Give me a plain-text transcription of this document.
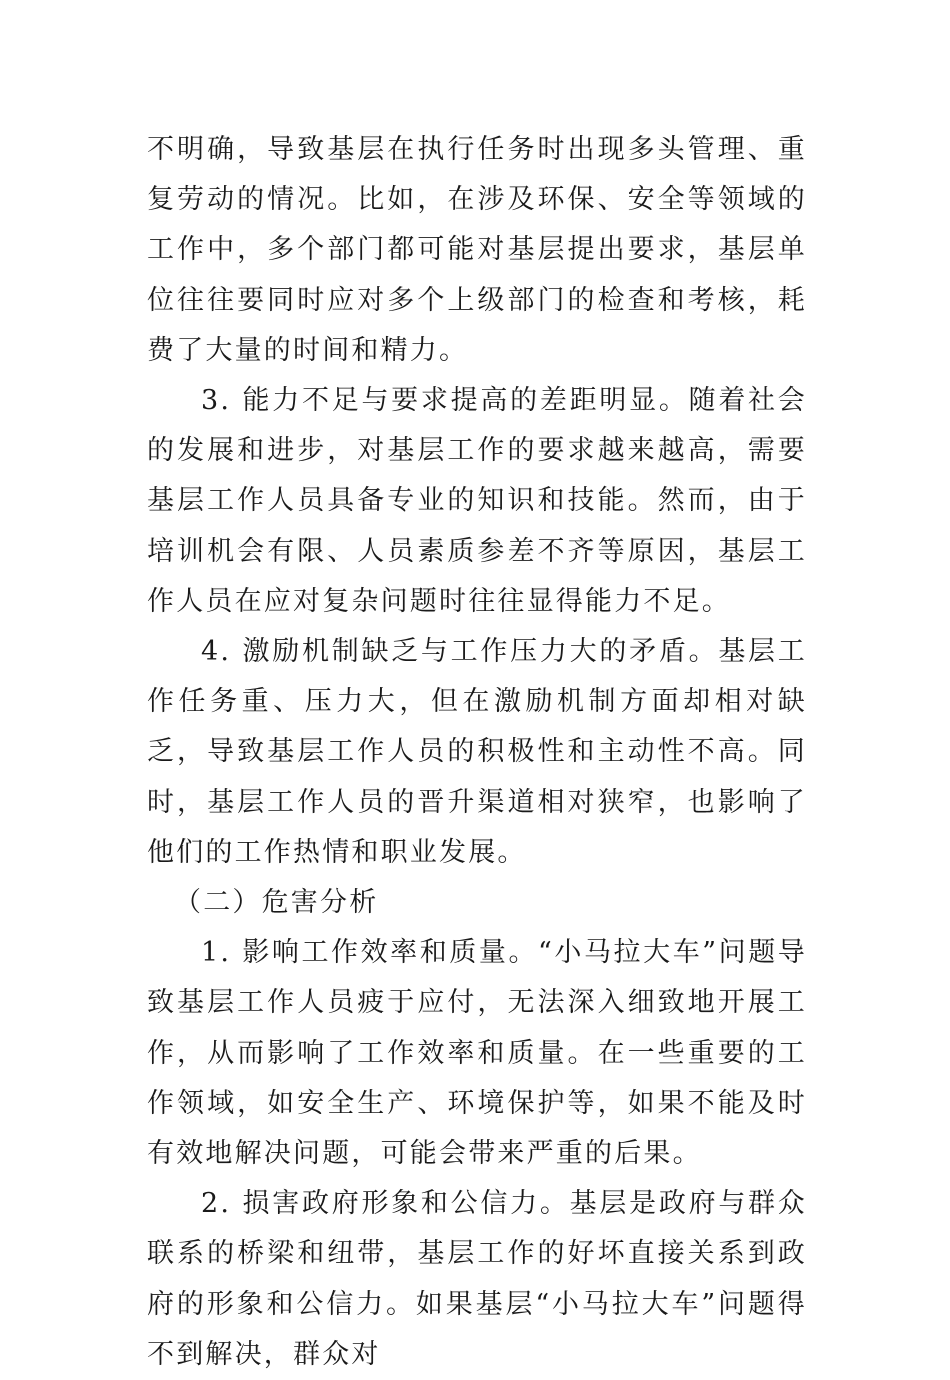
不明确，导致基层在执行任务时出现多头管理、重复劳动的情况。比如，在涉及环保、安全等领域的工作中，多个部门都可能对基层提出要求，基层单位往往要同时应对多个上级部门的检查和考核，耗费了大量的时间和精力。

3. 能力不足与要求提高的差距明显。随着社会的发展和进步，对基层工作的要求越来越高，需要基层工作人员具备专业的知识和技能。然而，由于培训机会有限、人员素质参差不齐等原因，基层工作人员在应对复杂问题时往往显得能力不足。

4. 激励机制缺乏与工作压力大的矛盾。基层工作任务重、压力大，但在激励机制方面却相对缺乏，导致基层工作人员的积极性和主动性不高。同时，基层工作人员的晋升渠道相对狭窄，也影响了他们的工作热情和职业发展。

（二）危害分析

1. 影响工作效率和质量。“小马拉大车”问题导致基层工作人员疲于应付，无法深入细致地开展工作，从而影响了工作效率和质量。在一些重要的工作领域，如安全生产、环境保护等，如果不能及时有效地解决问题，可能会带来严重的后果。

2. 损害政府形象和公信力。基层是政府与群众联系的桥梁和纽带，基层工作的好坏直接关系到政府的形象和公信力。如果基层“小马拉大车”问题得不到解决，群众对
